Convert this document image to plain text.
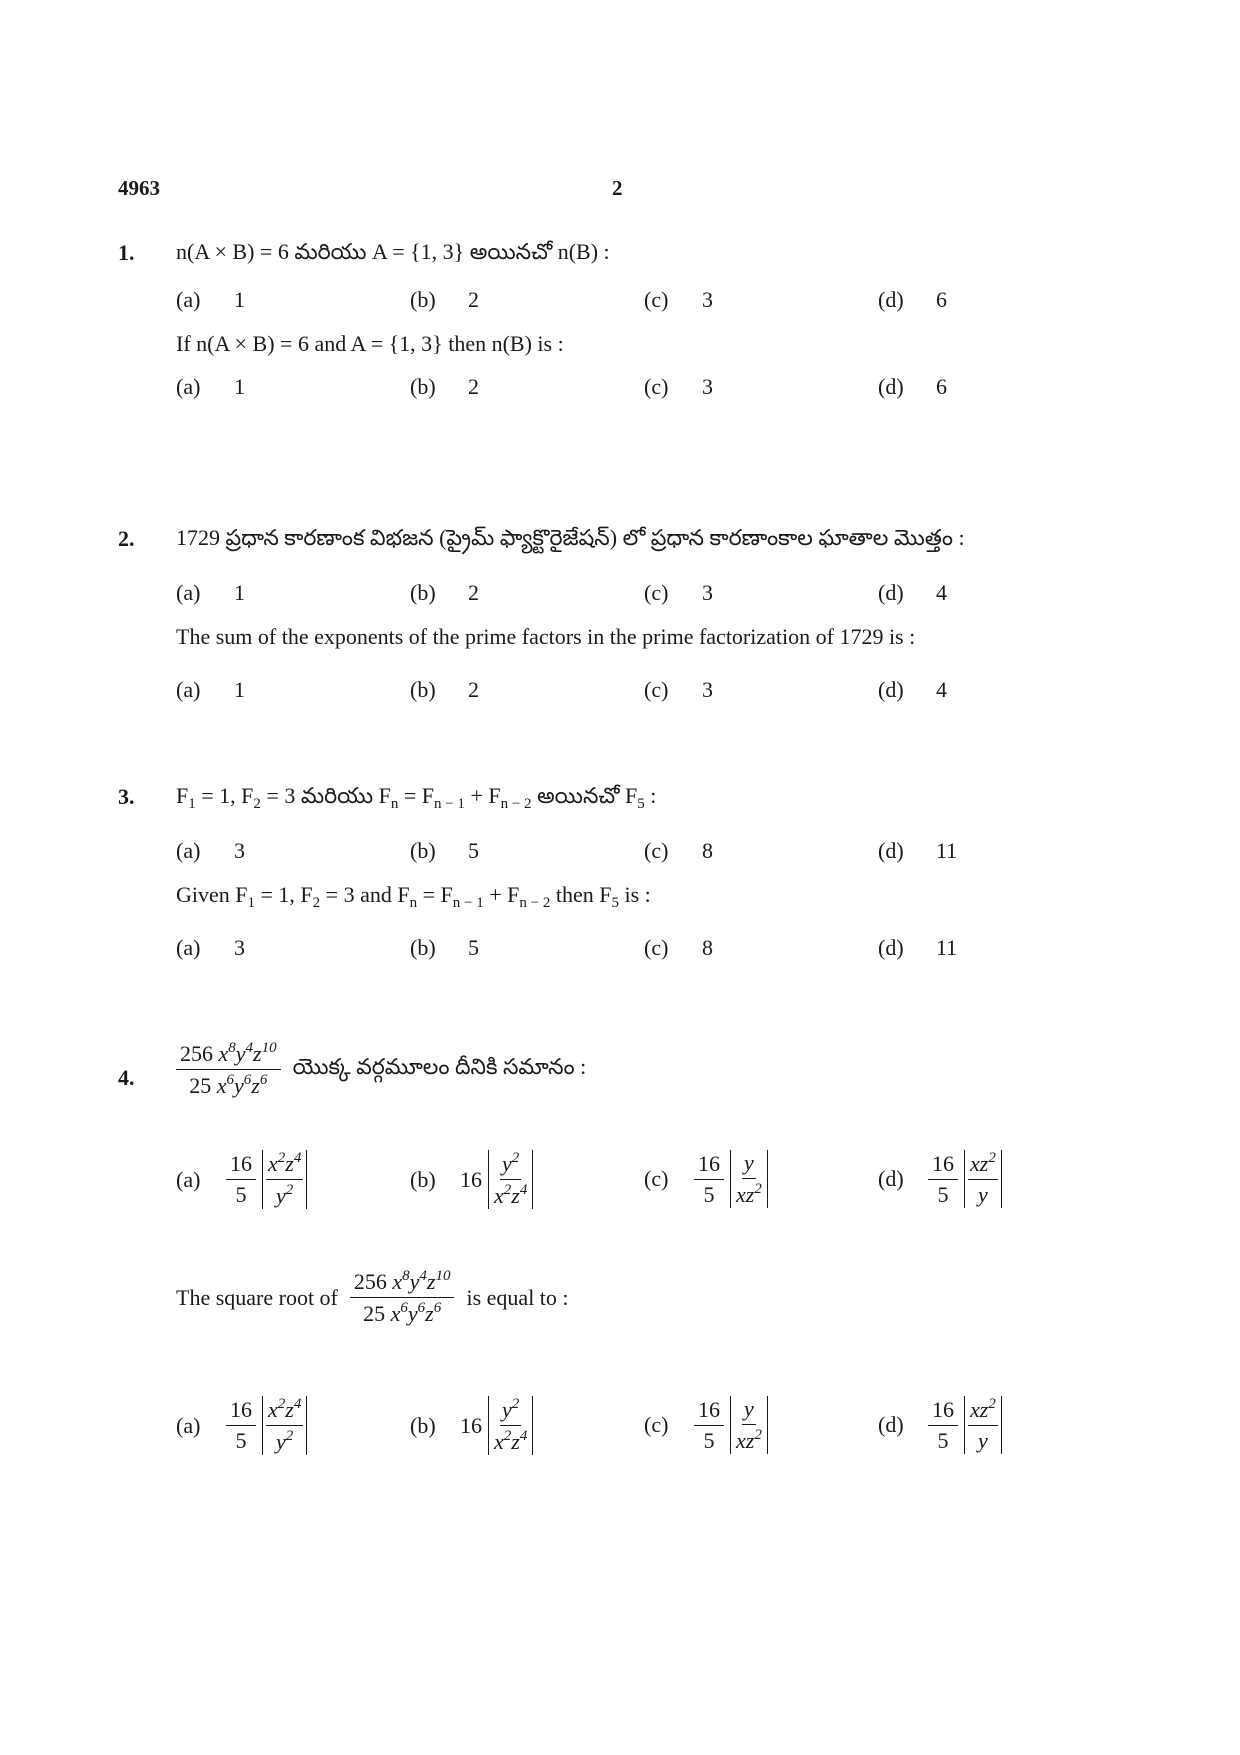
4963	2
1. n(A × B) = 6 మరియు A = {1, 3} అయినచో n(B) :
(a) 1	(b) 2	(c) 3	(d) 6
If n(A × B) = 6 and A = {1, 3} then n(B) is :
(a) 1	(b) 2	(c) 3	(d) 6
2. 1729 ప్రధాన కారణాంక విభజన (ప్రైమ్ ఫ్యాక్టొరైజేషన్) లో ప్రధాన కారణాంకాల ఘాతాల మొత్తం :
(a) 1	(b) 2	(c) 3	(d) 4
The sum of the exponents of the prime factors in the prime factorization of 1729 is :
(a) 1	(b) 2	(c) 3	(d) 4
3. $F_1 = 1$, $F_2 = 3$ మరియు $F_n = F_{n - 1} + F_{n - 2}$ అయినచో $F_5$ :
(a) 3	(b) 5	(c) 8	(d) 11
Given $F_1 = 1$, $F_2 = 3$ and $F_n = F_{n - 1} + F_{n - 2}$ then $F_5$ is :
(a) 3	(b) 5	(c) 8	(d) 11
4. $\frac{256 x^8y^4z^{10}}{25 x^6y^6z^6}$ యొక్క వర్గమూలం దీనికి సమానం :
(a)	$\frac{16}{5} \frac{x^2z^4}{y^2}$	(b)	$16 \frac{y^2}{x^2z^4}$	(c)	$\frac{16}{5} \frac{y}{xz^2}$	(d)	$\frac{16}{5} \frac{xz^2}{y}$
The square root of $\frac{256 x^8y^4z^{10}}{25 x^6y^6z^6}$ is equal to :
(a)	$\frac{16}{5} \frac{x^2z^4}{y^2}$	(b)	$16 \frac{y^2}{x^2z^4}$	(c)	$\frac{16}{5} \frac{y}{xz^2}$	(d)	$\frac{16}{5} \frac{xz^2}{y}$
